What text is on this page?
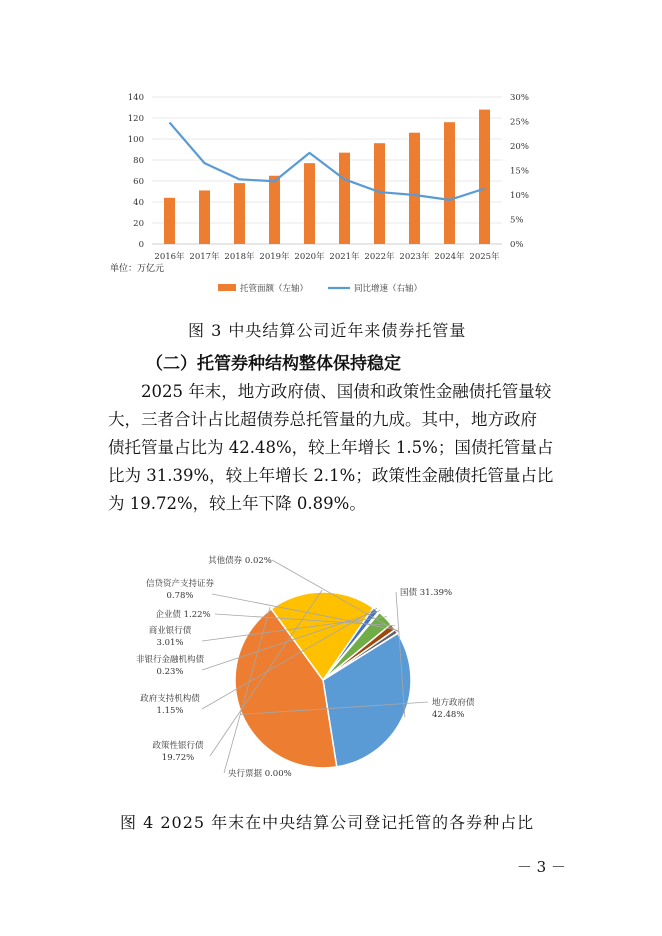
0
20
40
60
80
100
120
140
0%
5%
10%
15%
20%
25%
30%
2016年 2017年 2018年 2019年 2020年 2021年 2022年 2023年 2024年 2025年
单位：万亿元
托管面额（左轴）	同比增速（右轴）
图 3 中央结算公司近年来债券托管量
（二）托管券种结构整体保持稳定
2025 年末，地方政府债、国债和政策性金融债托管量较
大，三者合计占比超债券总托管量的九成。其中，地方政府
债托管量占比为 42.48%，较上年增长 1.5%；国债托管量占
比为 31.39%，较上年增长 2.1%；政策性金融债托管量占比
为 19.72%，较上年下降 0.89%。
国债 31.39%
地方政府债
42.48%
央行票据 0.00%
政策性银行债
19.72%
政府支持机构债
1.15%
非银行金融机构债
0.23%
商业银行债
3.01%
企业债 1.22%
信贷资产支持证券
0.78%
其他债券 0.02%
图 4 2025 年末在中央结算公司登记托管的各券种占比
－ 3 －
